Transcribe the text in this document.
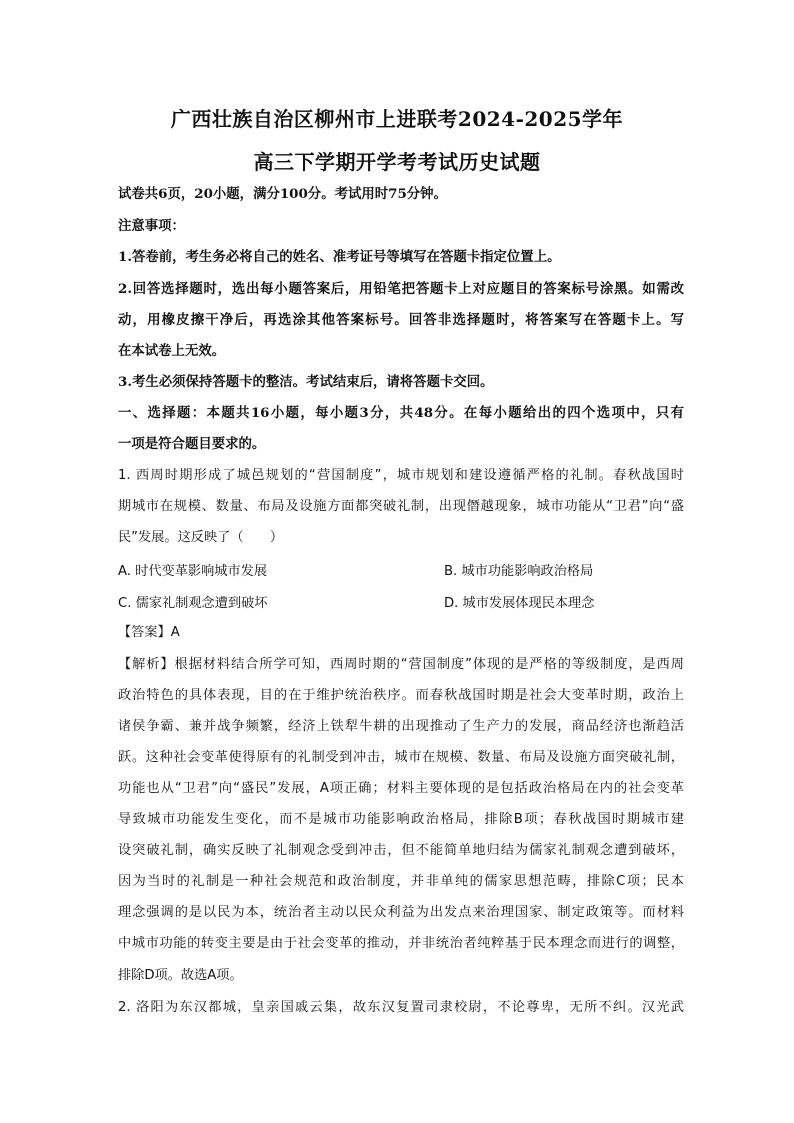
广西壮族自治区柳州市上进联考2024-2025学年
高三下学期开学考考试历史试题
试卷共6页，20小题，满分100分。考试用时75分钟。
注意事项：
1.答卷前，考生务必将自己的姓名、准考证号等填写在答题卡指定位置上。
2.回答选择题时，选出每小题答案后，用铅笔把答题卡上对应题目的答案标号涂黑。如需改
动，用橡皮擦干净后，再选涂其他答案标号。回答非选择题时，将答案写在答题卡上。写
在本试卷上无效。
3.考生必须保持答题卡的整洁。考试结束后，请将答题卡交回。
一、选择题：本题共16小题，每小题3分，共48分。在每小题给出的四个选项中，只有
一项是符合题目要求的。
1. 西周时期形成了城邑规划的“营国制度”，城市规划和建设遵循严格的礼制。春秋战国时
期城市在规模、数量、布局及设施方面都突破礼制，出现僭越现象，城市功能从“卫君”向“盛
民”发展。这反映了（　　）
A. 时代变革影响城市发展	B. 城市功能影响政治格局
C. 儒家礼制观念遭到破坏	D. 城市发展体现民本理念
【答案】A
【解析】根据材料结合所学可知，西周时期的“营国制度”体现的是严格的等级制度，是西周
政治特色的具体表现，目的在于维护统治秩序。而春秋战国时期是社会大变革时期，政治上
诸侯争霸、兼并战争频繁，经济上铁犁牛耕的出现推动了生产力的发展，商品经济也渐趋活
跃。这种社会变革使得原有的礼制受到冲击，城市在规模、数量、布局及设施方面突破礼制，
功能也从“卫君”向“盛民”发展，A项正确；材料主要体现的是包括政治格局在内的社会变革
导致城市功能发生变化，而不是城市功能影响政治格局，排除B项；春秋战国时期城市建
设突破礼制，确实反映了礼制观念受到冲击，但不能简单地归结为儒家礼制观念遭到破坏，
因为当时的礼制是一种社会规范和政治制度，并非单纯的儒家思想范畴，排除C项；民本
理念强调的是以民为本，统治者主动以民众利益为出发点来治理国家、制定政策等。而材料
中城市功能的转变主要是由于社会变革的推动，并非统治者纯粹基于民本理念而进行的调整，
排除D项。故选A项。
2. 洛阳为东汉都城，皇亲国戚云集，故东汉复置司隶校尉，不论尊卑，无所不纠。汉光武
